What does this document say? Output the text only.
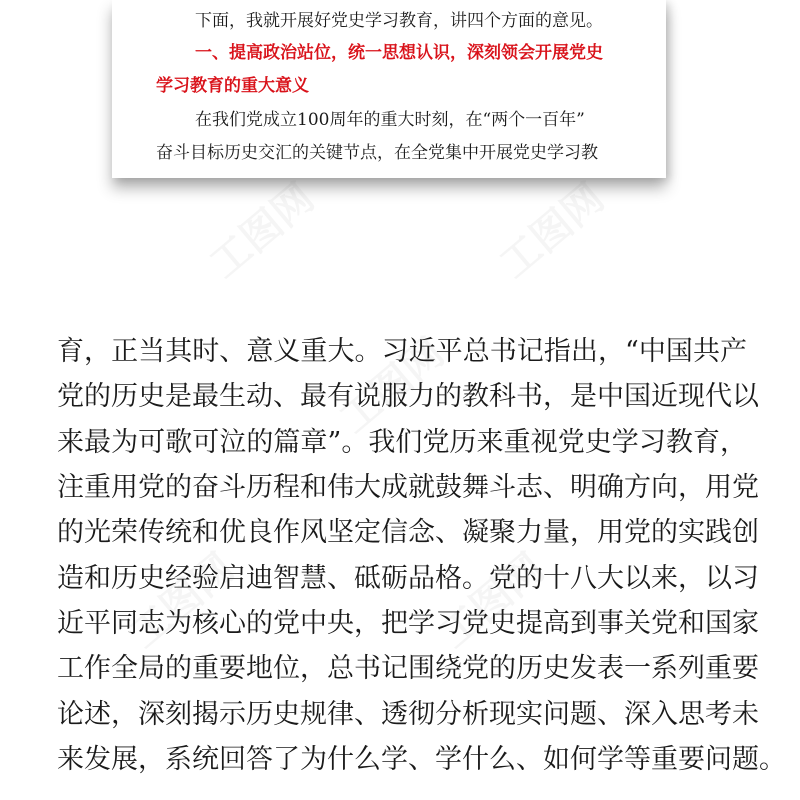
工图网	工图网
工图网
工图网	工图网
下面，我就开展好党史学习教育，讲四个方面的意见。
一、提高政治站位，统一思想认识，深刻领会开展党史
学习教育的重大意义
在我们党成立100周年的重大时刻，在“两个一百年”
奋斗目标历史交汇的关键节点，在全党集中开展党史学习教
育，正当其时、意义重大。习近平总书记指出，“中国共产
党的历史是最生动、最有说服力的教科书，是中国近现代以
来最为可歌可泣的篇章”。我们党历来重视党史学习教育，
注重用党的奋斗历程和伟大成就鼓舞斗志、明确方向，用党
的光荣传统和优良作风坚定信念、凝聚力量，用党的实践创
造和历史经验启迪智慧、砥砺品格。党的十八大以来，以习
近平同志为核心的党中央，把学习党史提高到事关党和国家
工作全局的重要地位，总书记围绕党的历史发表一系列重要
论述，深刻揭示历史规律、透彻分析现实问题、深入思考未
来发展，系统回答了为什么学、学什么、如何学等重要问题。
